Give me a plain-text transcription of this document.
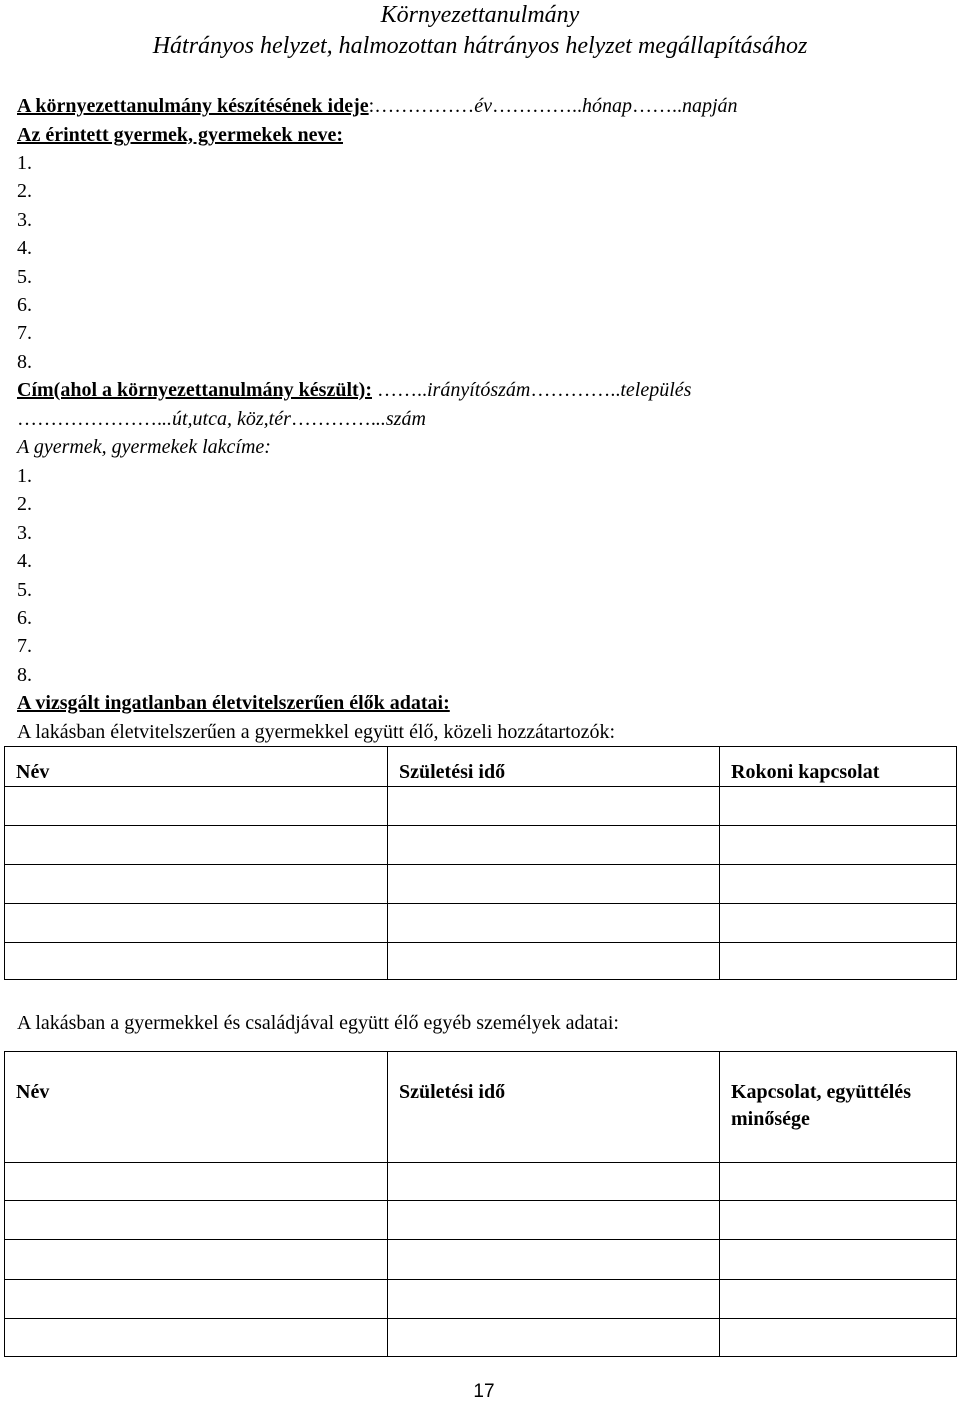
Környezettanulmány
Hátrányos helyzet, halmozottan hátrányos helyzet megállapításához
A környezettanulmány készítésének ideje:……………év…………..hónap……..napján
Az érintett gyermek, gyermekek neve:
1.
2.
3.
4.
5.
6.
7.
8.
Cím(ahol a környezettanulmány készült): ……..irányítószám…………..település
…………………...út,utca, köz,tér…………...szám
A gyermek, gyermekek lakcíme:
1.
2.
3.
4.
5.
6.
7.
8.
A vizsgált ingatlanban életvitelszerűen élők adatai:
A lakásban életvitelszerűen a gyermekkel együtt élő, közeli hozzátartozók:
Név	Születési idő	Rokoni kapcsolat

A lakásban a gyermekkel és családjával együtt élő egyéb személyek adatai:
Név	Születési idő	Kapcsolat, együttélés minősége

17
